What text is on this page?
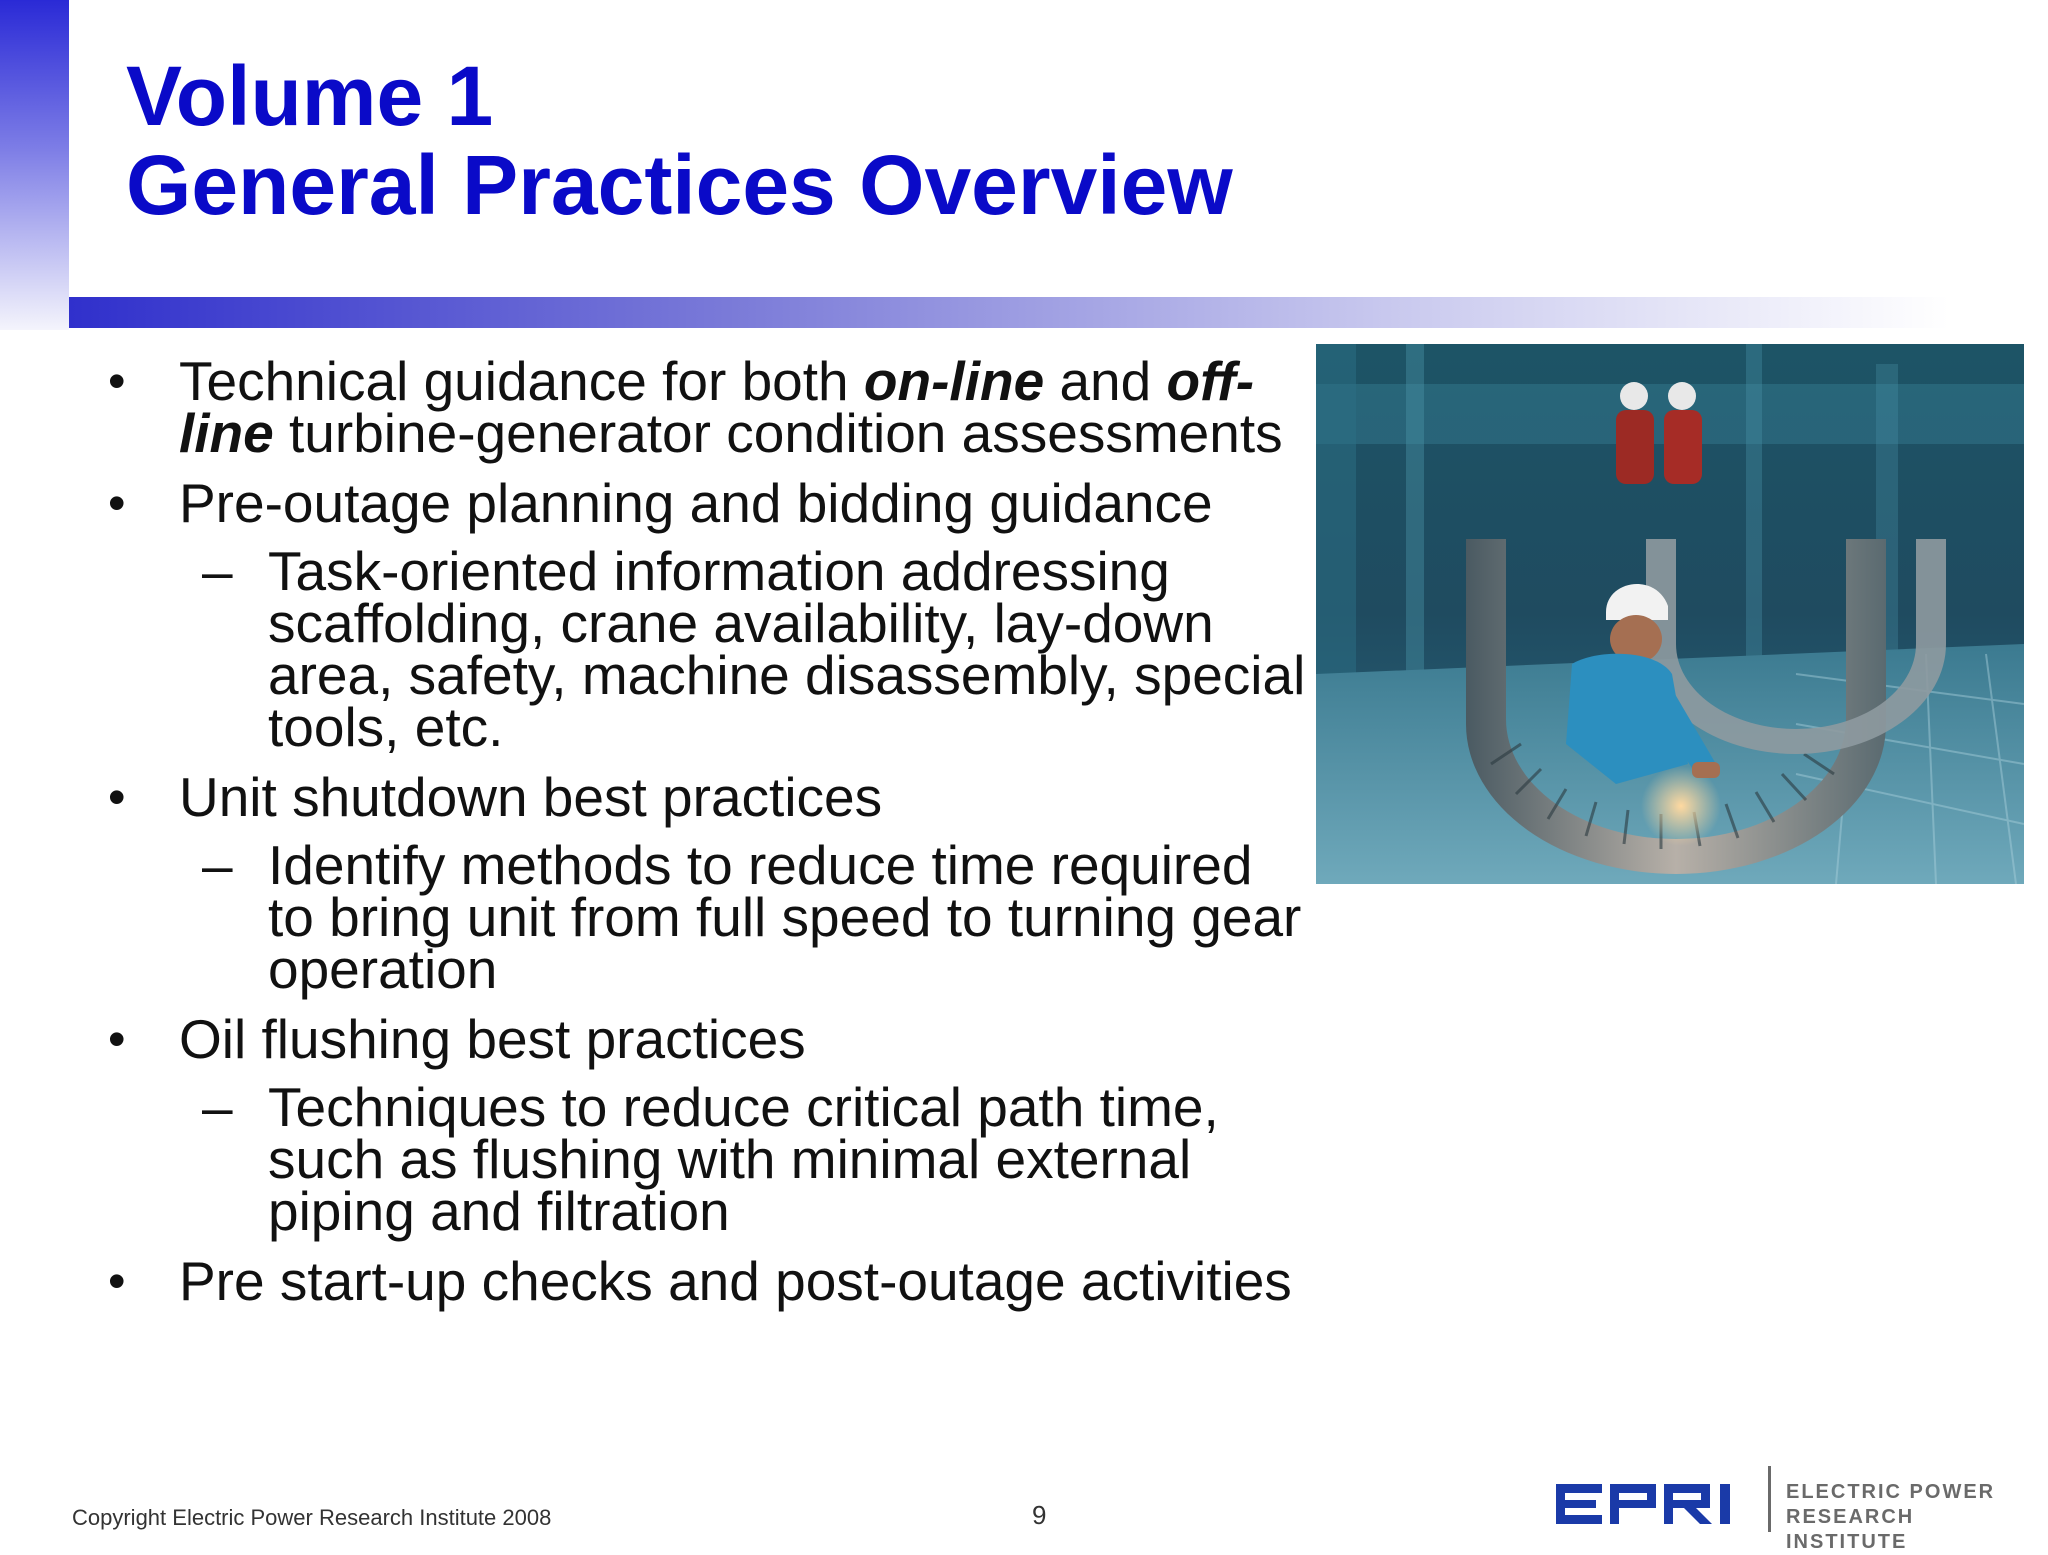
Volume 1
General Practices Overview
• Technical guidance for both on-line and off-line turbine-generator condition assessments
• Pre-outage planning and bidding guidance
– Task-oriented information addressing scaffolding, crane availability, lay-down area, safety, machine disassembly, special tools, etc.
• Unit shutdown best practices
– Identify methods to reduce time required to bring unit from full speed to turning gear operation
• Oil flushing best practices
– Techniques to reduce critical path time, such as flushing with minimal external piping and filtration
• Pre start-up checks and post-outage activities
Copyright Electric Power Research Institute 2008	9
ELECTRIC POWER
RESEARCH INSTITUTE
